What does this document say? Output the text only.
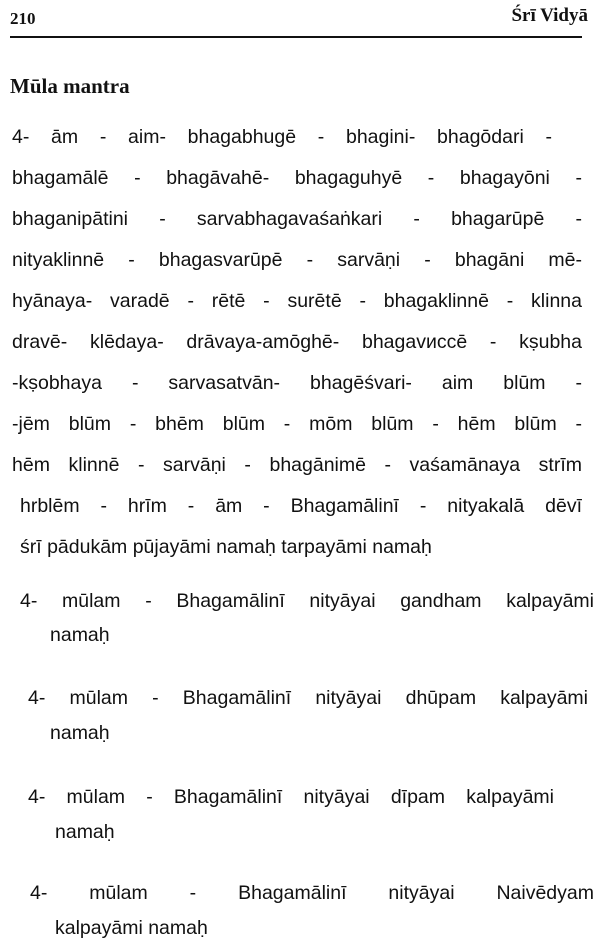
210	Śrī Vidyā
Mūla mantra
4- ām - aim- bhagabhugē - bhagini- bhagōdari -
bhagamālē - bhagāvahē- bhagaguhyē - bhagayōni -
bhaganipātini - sarvabhagavaśaṅkari - bhagarūpē -
nityaklinnē - bhagasvarūpē - sarvāṇi - bhagāni mē-
hyānaya- varadē - rētē - surētē - bhagaklinnē - klinna
dravē- klēdaya- drāvaya-amōghē- bhagavиccē - kṣubha
-kṣobhaya - sarvasatvān- bhagēśvari- aim blūm -
-jēm blūm - bhēm blūm - mōm blūm - hēm blūm -
hēm klinnē - sarvāṇi - bhagānimē - vaśamānaya strīm
hrblēm - hrīm - ām - Bhagamālinī - nityakalā dēvī
śrī pādukām pūjayāmi namaḥ tarpayāmi namaḥ
4- mūlam - Bhagamālinī nityāyai gandham kalpayāmi
namaḥ
4- mūlam - Bhagamālinī nityāyai dhūpam kalpayāmi
namaḥ
4- mūlam - Bhagamālinī nityāyai dīpam kalpayāmi
namaḥ
4- mūlam - Bhagamālinī nityāyai Naivēdyam
kalpayāmi namaḥ
